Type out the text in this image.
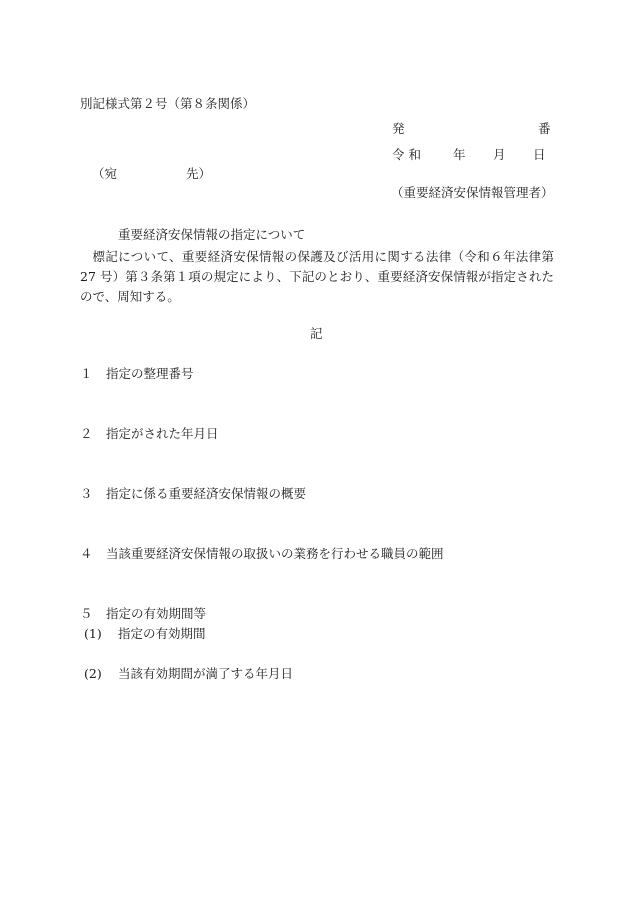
別記様式第２号（第８条関係）
発	番
令 和	年 月 日
（宛	先）
（重要経済安保情報管理者）
重要経済安保情報の指定について
標記について、重要経済安保情報の保護及び活用に関する法律（令和６年法律第 27 号）第３条第１項の規定により、下記のとおり、重要経済安保情報が指定されたので、周知する。
記
１ 指定の整理番号
２ 指定がされた年月日
３ 指定に係る重要経済安保情報の概要
４ 当該重要経済安保情報の取扱いの業務を行わせる職員の範囲
５ 指定の有効期間等
(1) 指定の有効期間
(2) 当該有効期間が満了する年月日
